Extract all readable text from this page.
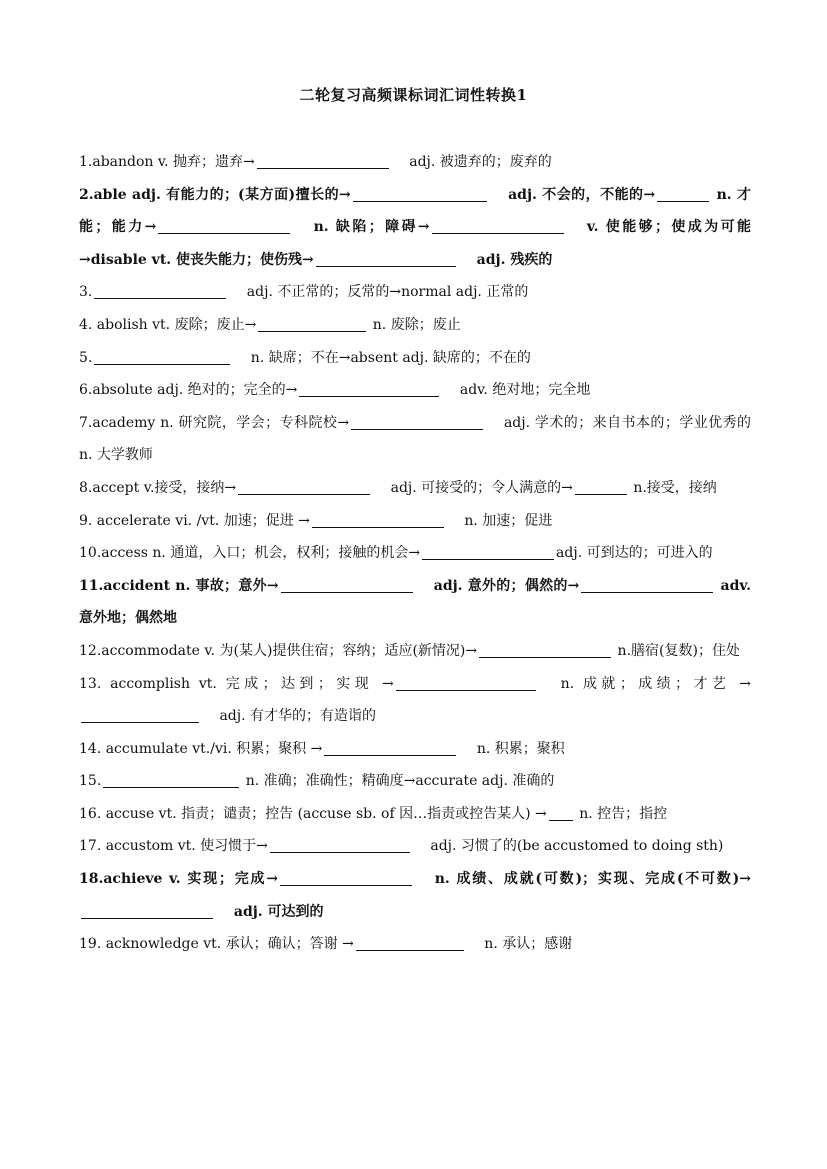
二轮复习高频课标词汇词性转换1

1.abandon v. 抛弃；遗弃→	adj. 被遗弃的；废弃的

2.able adj. 有能力的；(某方面)擅长的→	adj. 不会的，不能的→	n. 才能；能力→	n. 缺陷；障碍→	v. 使能够；使成为可能→disable vt. 使丧失能力；使伤残→	adj. 残疾的

3.	adj. 不正常的；反常的→normal adj. 正常的

4. abolish vt. 废除；废止→	n. 废除；废止

5.	n. 缺席；不在→absent adj. 缺席的；不在的

6.absolute adj. 绝对的；完全的→	adv. 绝对地；完全地

7.academy n. 研究院，学会；专科院校→	adj. 学术的；来自书本的；学业优秀的 n. 大学教师

8.accept v.接受，接纳→	adj. 可接受的；令人满意的→	n.接受，接纳

9. accelerate vi. /vt. 加速；促进 →	n. 加速；促进

10.access n. 通道，入口；机会，权利；接触的机会→	adj. 可到达的；可进入的

11.accident n. 事故；意外→	adj. 意外的；偶然的→	adv. 意外地；偶然地

12.accommodate v. 为(某人)提供住宿；容纳；适应(新情况)→	n.膳宿(复数)；住处

13. accomplish vt. 完成；达到；实现 →	n. 成就；成绩；才艺 → adj. 有才华的；有造诣的

14. accumulate vt./vi. 积累；聚积 →	n. 积累；聚积

15.	n. 准确；准确性；精确度→accurate adj. 准确的

16. accuse vt. 指责；谴责；控告 (accuse sb. of 因…指责或控告某人) → n. 控告；指控

17. accustom vt. 使习惯于→	adj. 习惯了的(be accustomed to doing sth)

18.achieve v. 实现；完成→	n. 成绩、成就(可数)；实现、完成(不可数)→ adj. 可达到的

19. acknowledge vt. 承认；确认；答谢 →	n. 承认；感谢
